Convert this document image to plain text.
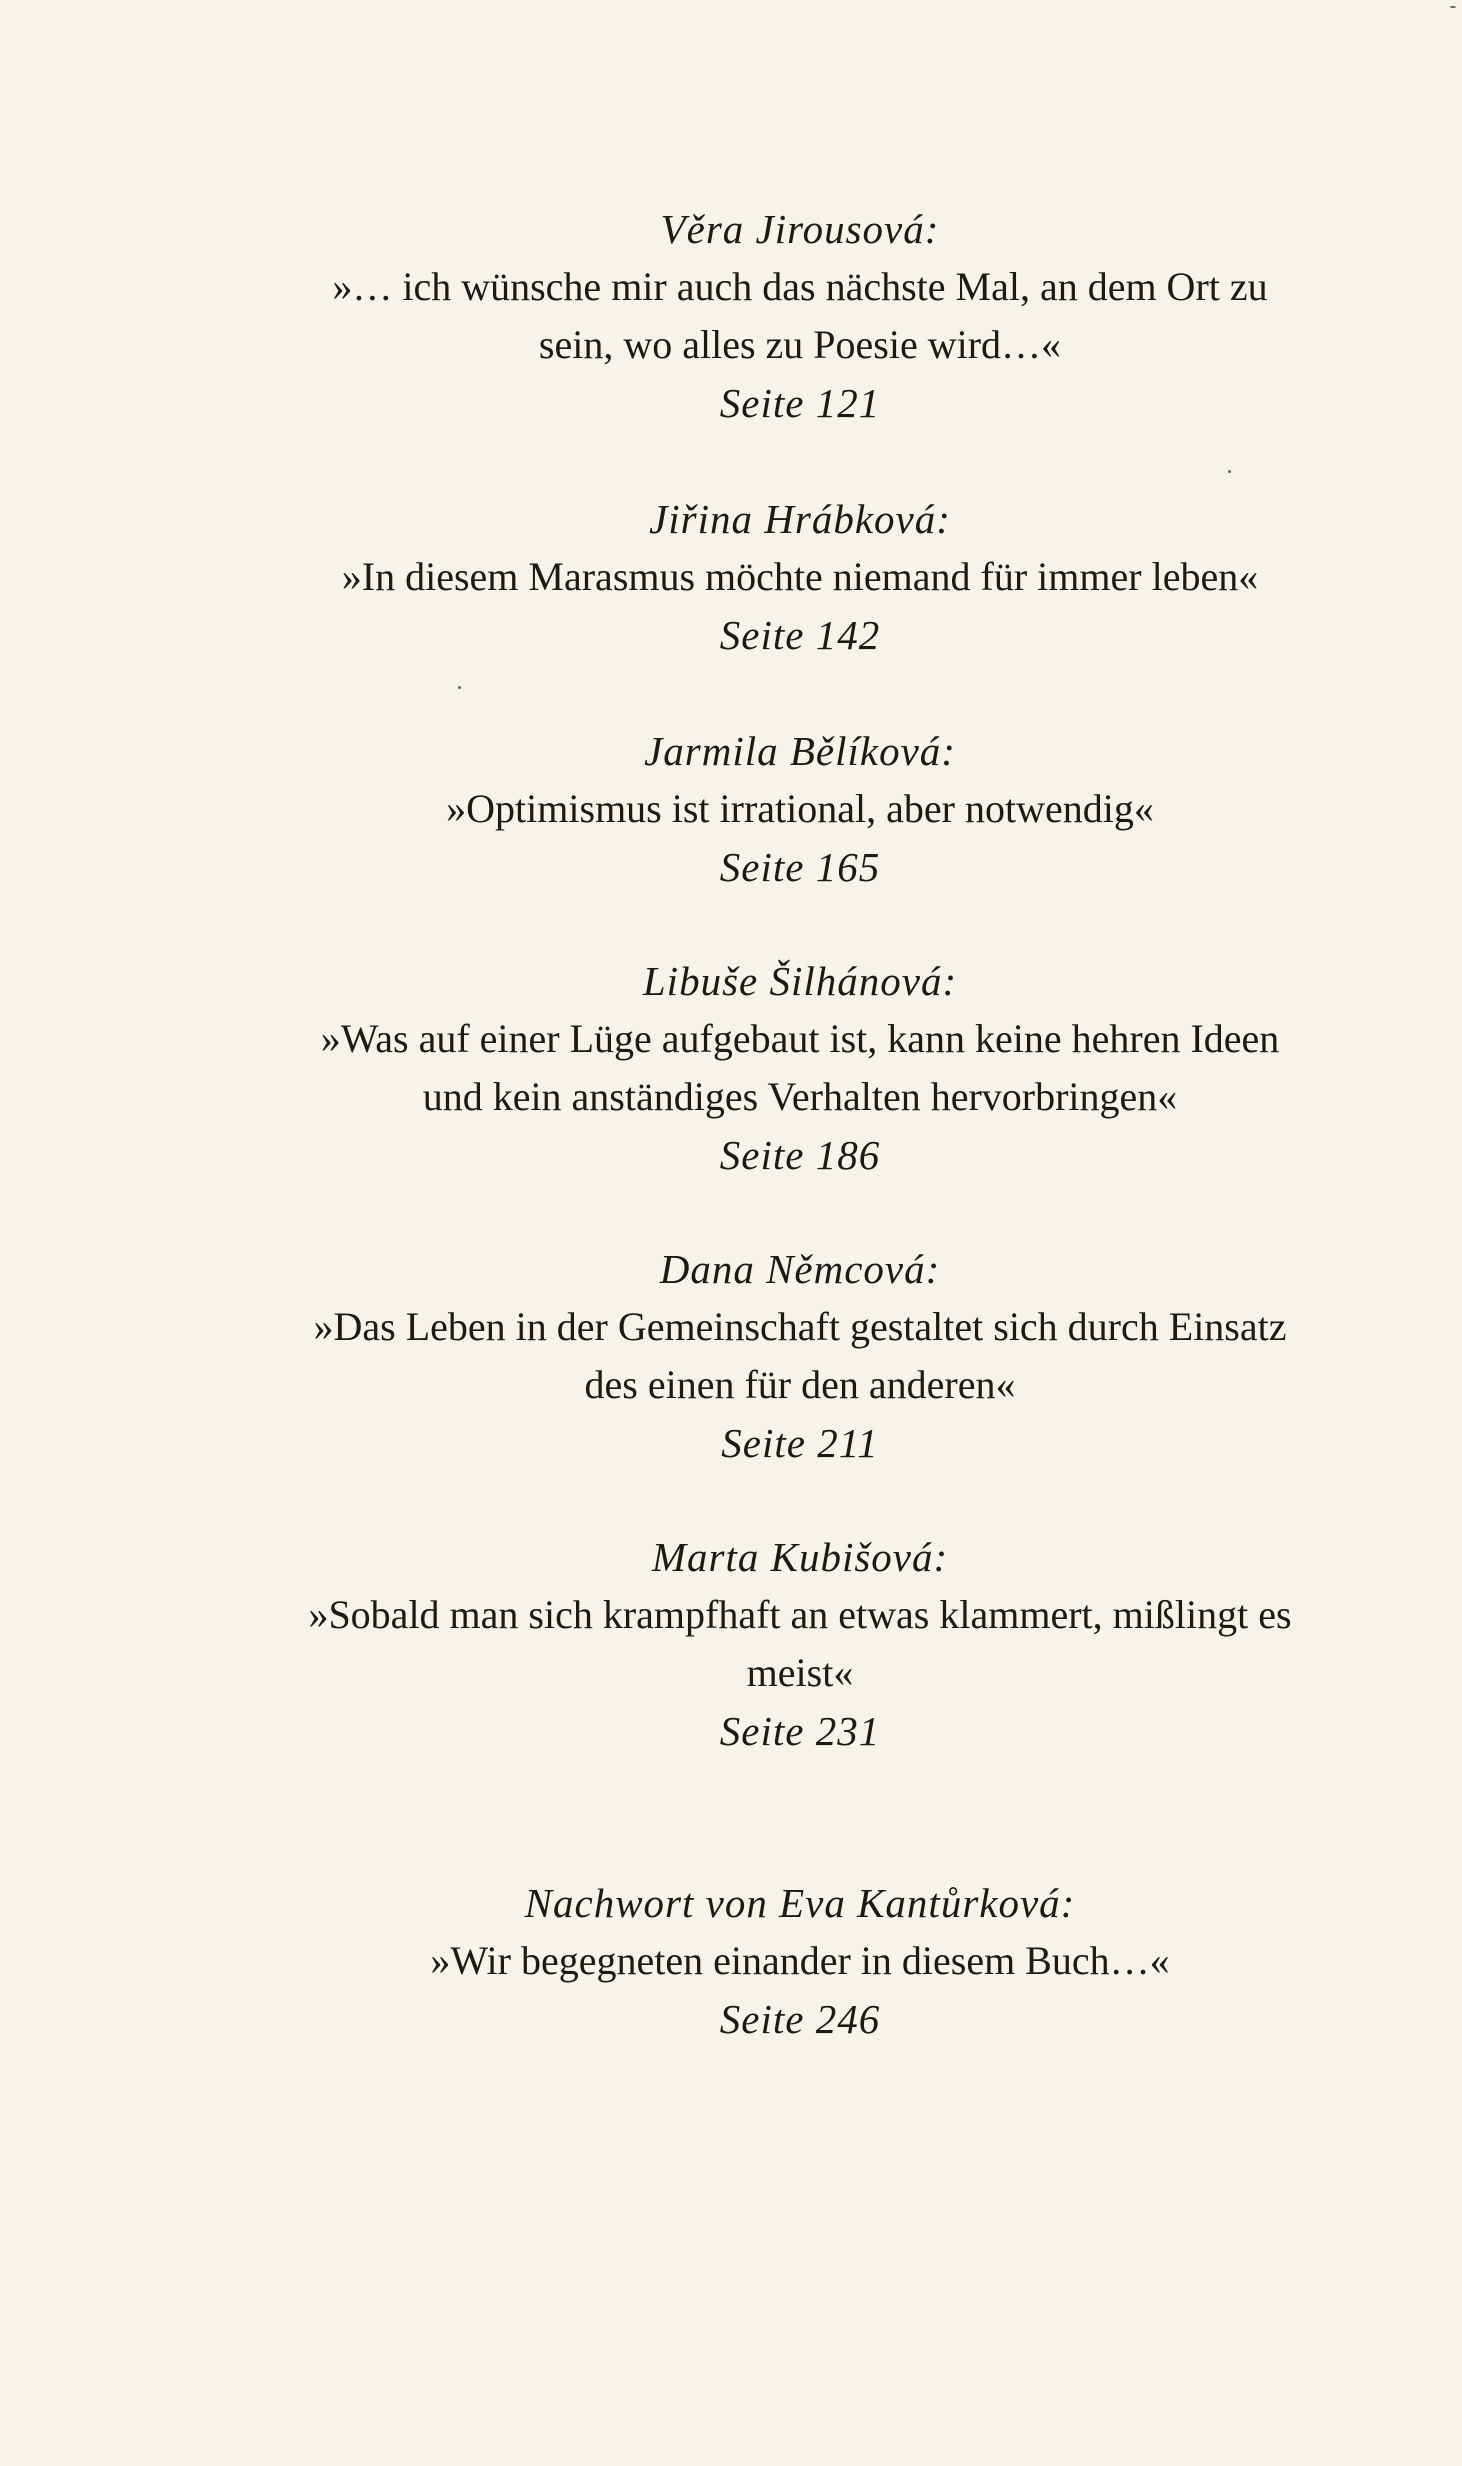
Věra Jirousová:
»… ich wünsche mir auch das nächste Mal, an dem Ort zu
sein, wo alles zu Poesie wird…«
Seite 121
Jiřina Hrábková:
»In diesem Marasmus möchte niemand für immer leben«
Seite 142
Jarmila Bělíková:
»Optimismus ist irrational, aber notwendig«
Seite 165
Libuše Šilhánová:
»Was auf einer Lüge aufgebaut ist, kann keine hehren Ideen
und kein anständiges Verhalten hervorbringen«
Seite 186
Dana Němcová:
»Das Leben in der Gemeinschaft gestaltet sich durch Einsatz
des einen für den anderen«
Seite 211
Marta Kubišová:
»Sobald man sich krampfhaft an etwas klammert, mißlingt es
meist«
Seite 231
Nachwort von Eva Kantůrková:
»Wir begegneten einander in diesem Buch…«
Seite 246
